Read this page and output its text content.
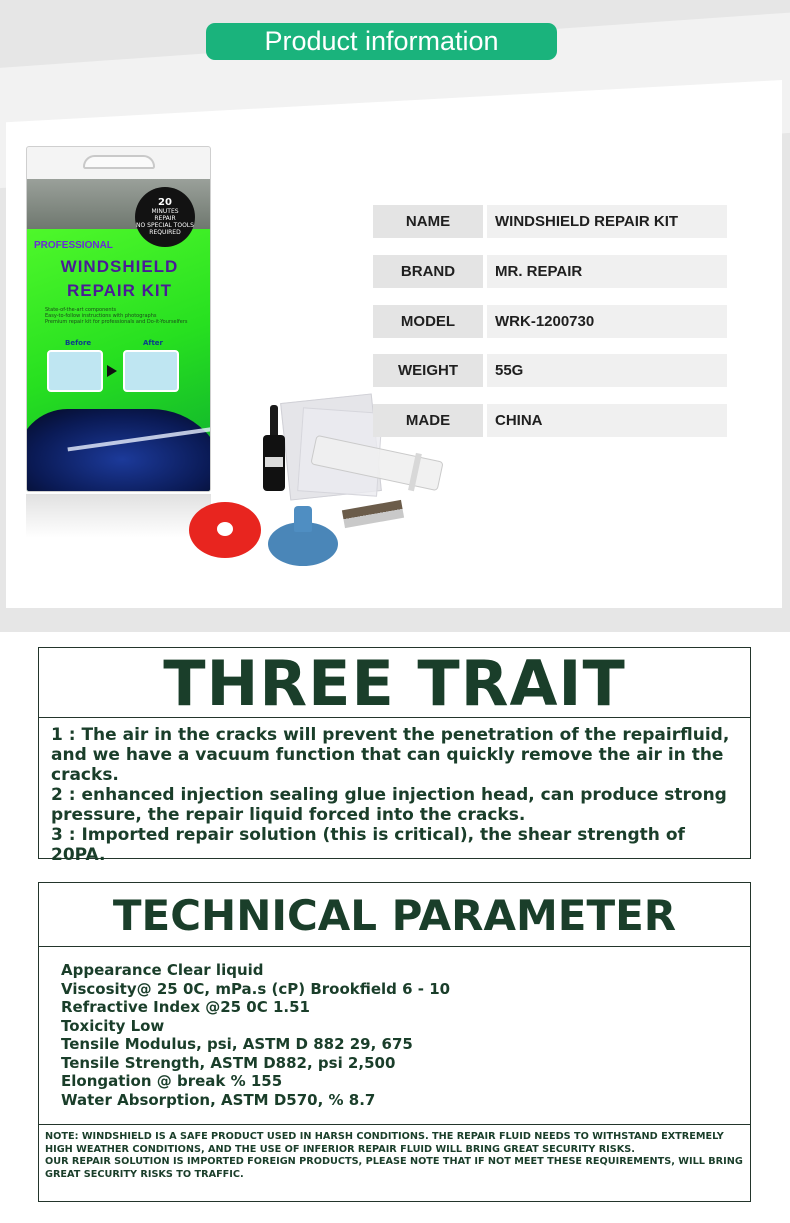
Product information
20
MINUTES
REPAIR
NO SPECIAL TOOLS
REQUIRED
PROFESSIONAL
WINDSHIELD
REPAIR KIT
State-of-the-art components
Easy-to-follow instructions with photographs
Premium repair kit for professionals and Do-it-Yourselfers
Before	After
NAME	WINDSHIELD REPAIR KIT
BRAND	MR. REPAIR
MODEL	WRK-1200730
WEIGHT	55G
MADE	CHINA
THREE TRAIT

1 : The air in the cracks will prevent the penetration of the repairfluid, and we have a vacuum function that can quickly remove the air in the cracks.

2 : enhanced injection sealing glue injection head, can produce strong pressure, the repair liquid forced into the cracks.

3 : Imported repair solution (this is critical), the shear strength of 20PA.

TECHNICAL PARAMETER

Appearance Clear liquid

Viscosity@ 25 0C, mPa.s (cP) Brookfield 6 - 10

Refractive Index @25 0C 1.51

Toxicity Low

Tensile Modulus, psi, ASTM D 882 29, 675

Tensile Strength, ASTM D882, psi 2,500

Elongation @ break % 155

Water Absorption, ASTM D570, % 8.7

NOTE: WINDSHIELD IS A SAFE PRODUCT USED IN HARSH CONDITIONS. THE REPAIR FLUID NEEDS TO WITHSTAND EXTREMELY HIGH WEATHER CONDITIONS, AND THE USE OF INFERIOR REPAIR FLUID WILL BRING GREAT SECURITY RISKS.

OUR REPAIR SOLUTION IS IMPORTED FOREIGN PRODUCTS, PLEASE NOTE THAT IF NOT MEET THESE REQUIREMENTS, WILL BRING GREAT SECURITY RISKS TO TRAFFIC.
